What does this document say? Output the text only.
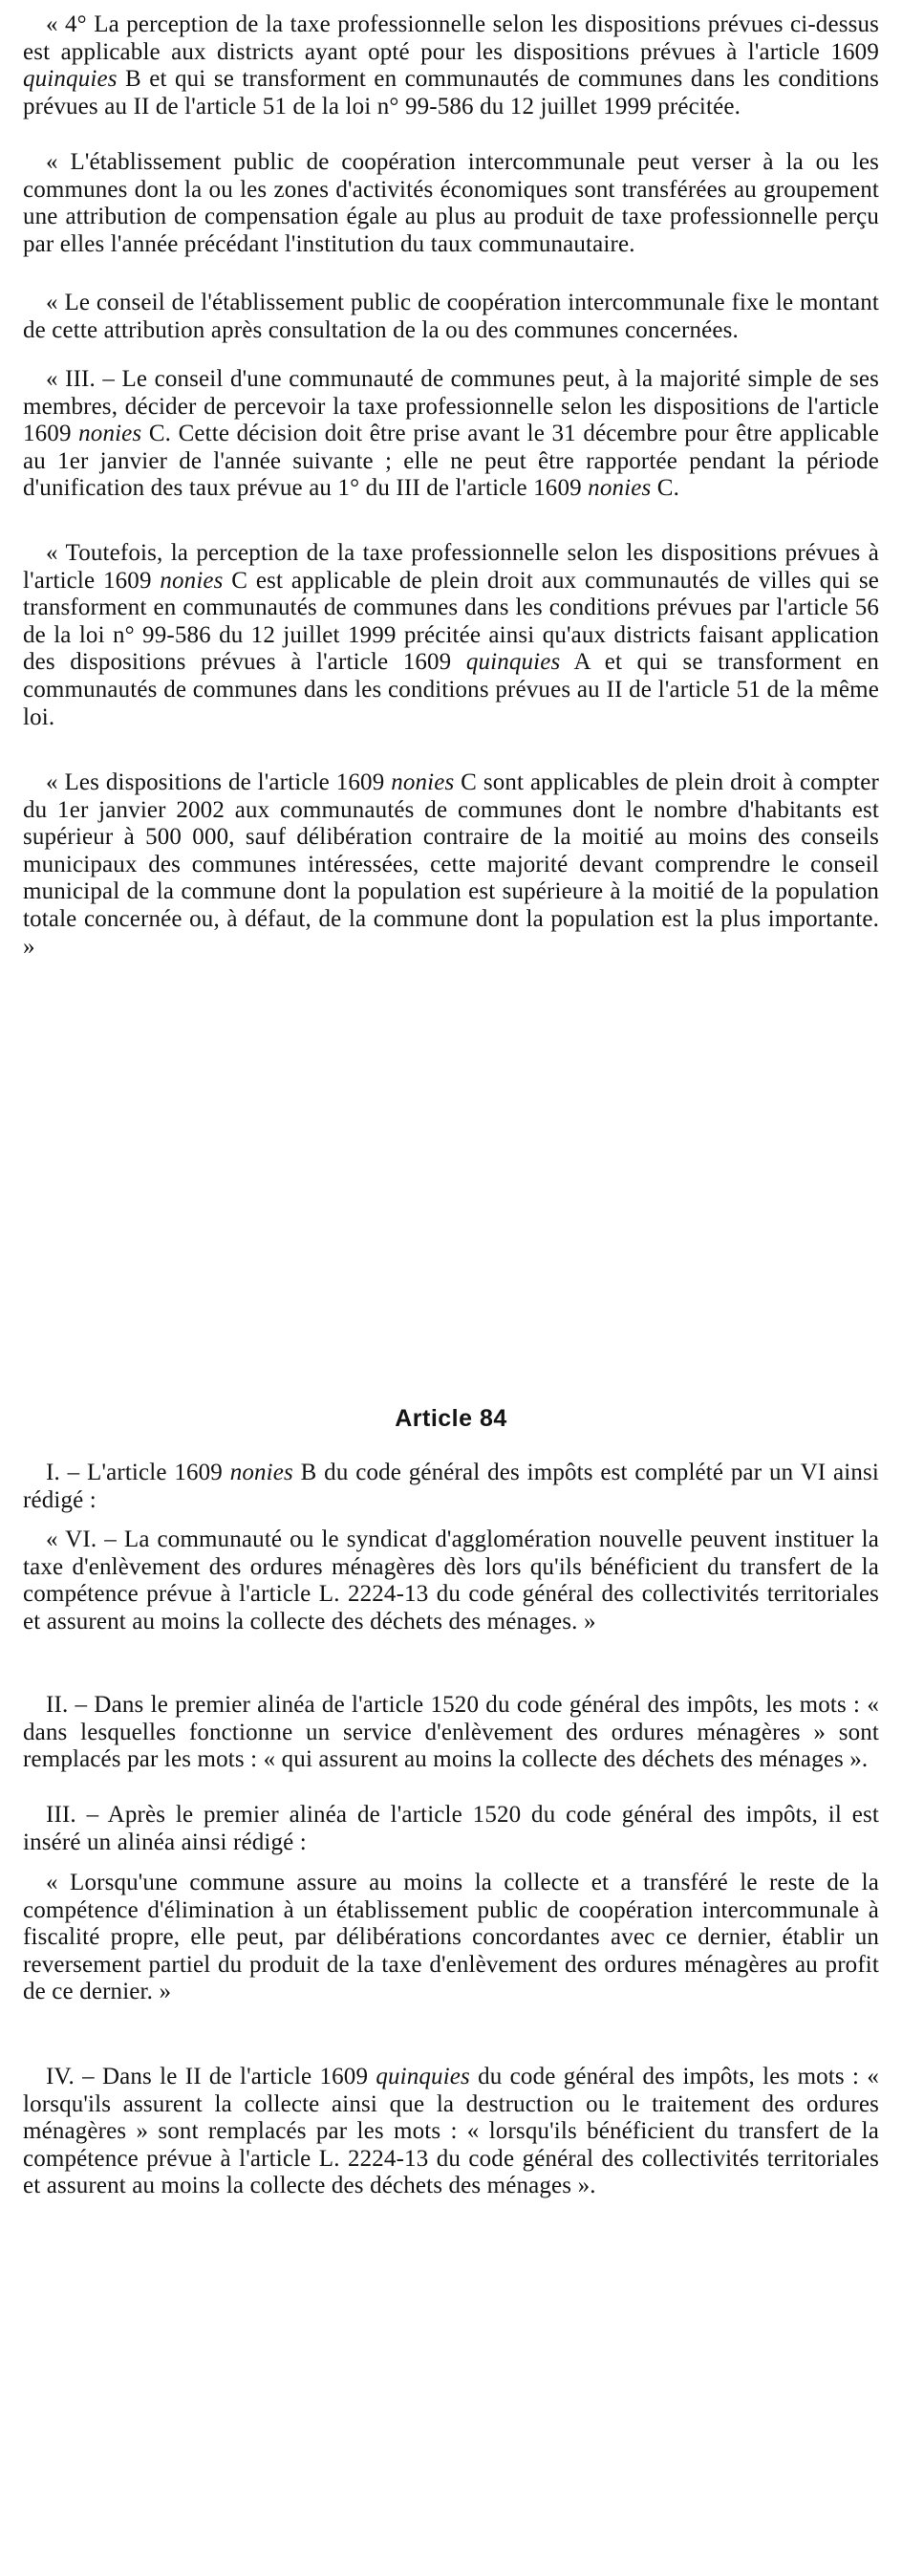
« 4° La perception de la taxe professionnelle selon les dispositions prévues ci-dessus est applicable aux districts ayant opté pour les dispositions prévues à l'article 1609 quinquies B et qui se transforment en communautés de communes dans les conditions prévues au II de l'article 51 de la loi n° 99-586 du 12 juillet 1999 précitée.

« L'établissement public de coopération intercommunale peut verser à la ou les communes dont la ou les zones d'activités économiques sont transférées au groupement une attribution de compensation égale au plus au produit de taxe professionnelle perçu par elles l'année précédant l'institution du taux communautaire.

« Le conseil de l'établissement public de coopération intercommunale fixe le montant de cette attribution après consultation de la ou des communes concernées.

« III. – Le conseil d'une communauté de communes peut, à la majorité simple de ses membres, décider de percevoir la taxe professionnelle selon les dispositions de l'article 1609 nonies C. Cette décision doit être prise avant le 31 décembre pour être applicable au 1er janvier de l'année suivante ; elle ne peut être rapportée pendant la période d'unification des taux prévue au 1° du III de l'article 1609 nonies C.

« Toutefois, la perception de la taxe professionnelle selon les dispositions prévues à l'article 1609 nonies C est applicable de plein droit aux communautés de villes qui se transforment en communautés de communes dans les conditions prévues par l'article 56 de la loi n° 99-586 du 12 juillet 1999 précitée ainsi qu'aux districts faisant application des dispositions prévues à l'article 1609 quinquies A et qui se transforment en communautés de communes dans les conditions prévues au II de l'article 51 de la même loi.

« Les dispositions de l'article 1609 nonies C sont applicables de plein droit à compter du 1er janvier 2002 aux communautés de communes dont le nombre d'habitants est supérieur à 500 000, sauf délibération contraire de la moitié au moins des conseils municipaux des communes intéressées, cette majorité devant comprendre le conseil municipal de la commune dont la population est supérieure à la moitié de la population totale concernée ou, à défaut, de la commune dont la population est la plus importante. »

Article 84

I. – L'article 1609 nonies B du code général des impôts est complété par un VI ainsi rédigé :

« VI. – La communauté ou le syndicat d'agglomération nouvelle peuvent instituer la taxe d'enlèvement des ordures ménagères dès lors qu'ils bénéficient du transfert de la compétence prévue à l'article L. 2224-13 du code général des collectivités territoriales et assurent au moins la collecte des déchets des ménages. »

II. – Dans le premier alinéa de l'article 1520 du code général des impôts, les mots : « dans lesquelles fonctionne un service d'enlèvement des ordures ménagères » sont remplacés par les mots : « qui assurent au moins la collecte des déchets des ménages ».

III. – Après le premier alinéa de l'article 1520 du code général des impôts, il est inséré un alinéa ainsi rédigé :

« Lorsqu'une commune assure au moins la collecte et a transféré le reste de la compétence d'élimination à un établissement public de coopération intercommunale à fiscalité propre, elle peut, par délibérations concordantes avec ce dernier, établir un reversement partiel du produit de la taxe d'enlèvement des ordures ménagères au profit de ce dernier. »

IV. – Dans le II de l'article 1609 quinquies du code général des impôts, les mots : « lorsqu'ils assurent la collecte ainsi que la destruction ou le traitement des ordures ménagères » sont remplacés par les mots : « lorsqu'ils bénéficient du transfert de la compétence prévue à l'article L. 2224-13 du code général des collectivités territoriales et assurent au moins la collecte des déchets des ménages ».
